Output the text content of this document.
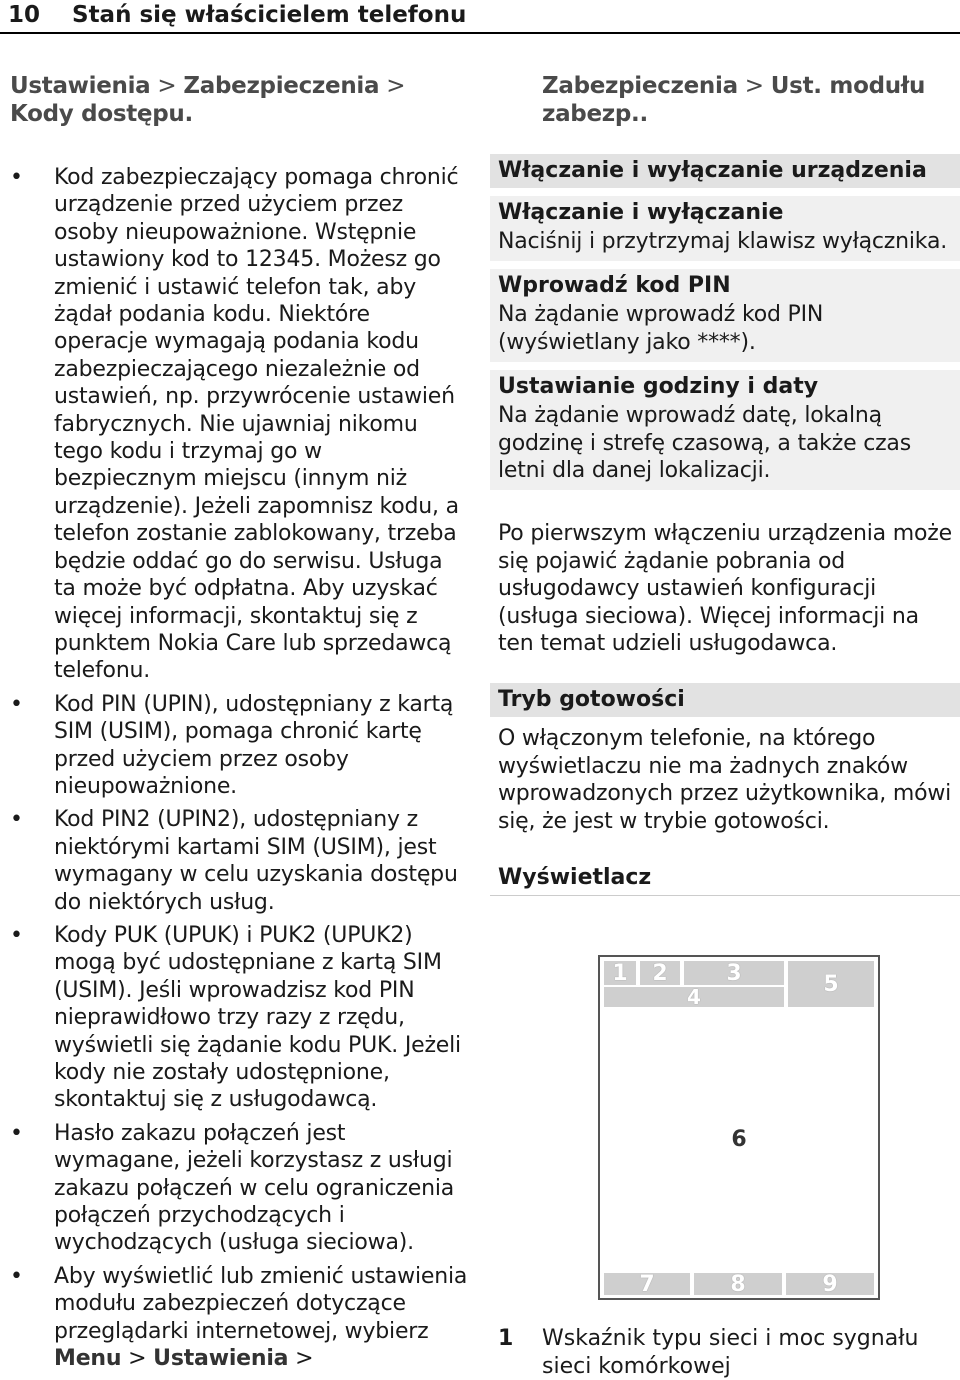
10 Stań się właścicielem telefonu
Ustawienia > Zabezpieczenia > Kody dostępu.
• Kod zabezpieczający pomaga chronić urządzenie przed użyciem przez osoby nieupoważnione. Wstępnie ustawiony kod to 12345. Możesz go zmienić i ustawić telefon tak, aby żądał podania kodu. Niektóre operacje wymagają podania kodu zabezpieczającego niezależnie od ustawień, np. przywrócenie ustawień fabrycznych. Nie ujawniaj nikomu tego kodu i trzymaj go w bezpiecznym miejscu (innym niż urządzenie). Jeżeli zapomnisz kodu, a telefon zostanie zablokowany, trzeba będzie oddać go do serwisu. Usługa ta może być odpłatna. Aby uzyskać więcej informacji, skontaktuj się z punktem Nokia Care lub sprzedawcą telefonu.
• Kod PIN (UPIN), udostępniany z kartą SIM (USIM), pomaga chronić kartę przed użyciem przez osoby nieupoważnione.
• Kod PIN2 (UPIN2), udostępniany z niektórymi kartami SIM (USIM), jest wymagany w celu uzyskania dostępu do niektórych usług.
• Kody PUK (UPUK) i PUK2 (UPUK2) mogą być udostępniane z kartą SIM (USIM). Jeśli wprowadzisz kod PIN nieprawidłowo trzy razy z rzędu, wyświetli się żądanie kodu PUK. Jeżeli kody nie zostały udostępnione, skontaktuj się z usługodawcą.
• Hasło zakazu połączeń jest wymagane, jeżeli korzystasz z usługi zakazu połączeń w celu ograniczenia połączeń przychodzących i wychodzących (usługa sieciowa).
• Aby wyświetlić lub zmienić ustawienia modułu zabezpieczeń dotyczące przeglądarki internetowej, wybierz Menu > Ustawienia >
Zabezpieczenia > Ust. modułu zabezp..
Włączanie i wyłączanie urządzenia
Włączanie i wyłączanie
Naciśnij i przytrzymaj klawisz wyłącznika.
Wprowadź kod PIN
Na żądanie wprowadź kod PIN (wyświetlany jako ****).
Ustawianie godziny i daty
Na żądanie wprowadź datę, lokalną godzinę i strefę czasową, a także czas letni dla danej lokalizacji.
Po pierwszym włączeniu urządzenia może się pojawić żądanie pobrania od usługodawcy ustawień konfiguracji (usługa sieciowa). Więcej informacji na ten temat udzieli usługodawca.
Tryb gotowości
O włączonym telefonie, na którego wyświetlaczu nie ma żadnych znaków wprowadzonych przez użytkownika, mówi się, że jest w trybie gotowości.
Wyświetlacz
1	2	3
4
5
6
7	8	9
1	Wskaźnik typu sieci i moc sygnału sieci komórkowej
